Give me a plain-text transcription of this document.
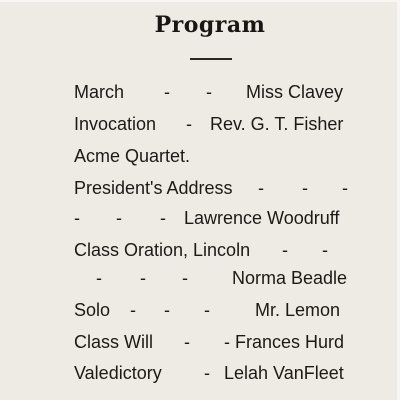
Program
March - - Miss Clavey
Invocation - Rev. G. T. Fisher
Acme Quartet.
President's Address - - -
- - - Lawrence Woodruff
Class Oration, Lincoln - -
- - - Norma Beadle
Solo - - -	Mr. Lemon
Class Will - - Frances Hurd
Valedictory - Lelah VanFleet
